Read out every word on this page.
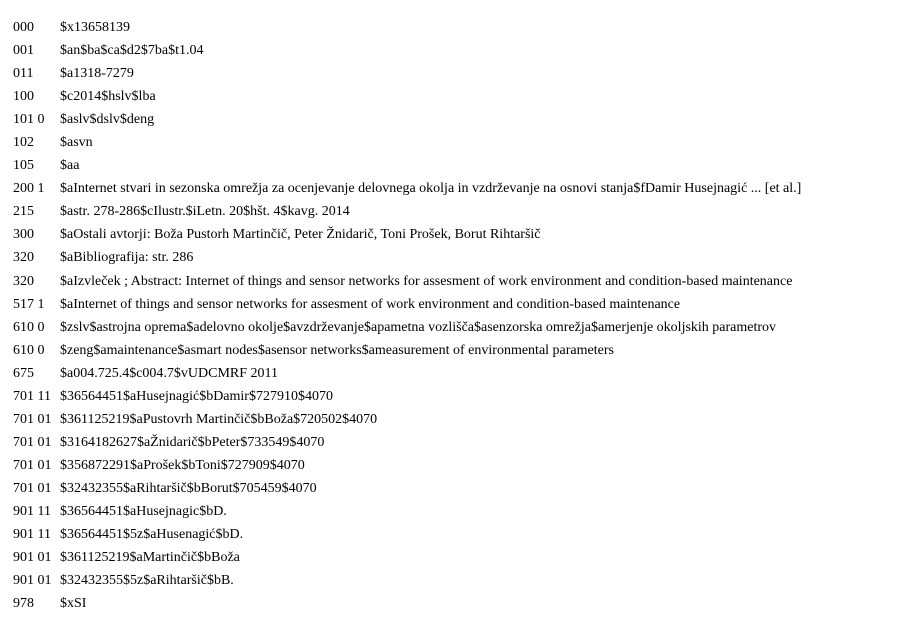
000	$x13658139
001	$an$ba$ca$d2$7ba$t1.04
011	$a1318-7279
100	$c2014$hslv$lba
101 0	$aslv$dslv$deng
102	$asvn
105	$aa
200 1	$aInternet stvari in sezonska omrežja za ocenjevanje delovnega okolja in vzdrževanje na osnovi stanja$fDamir Husejnagić ... [et al.]
215	$astr. 278-286$cIlustr.$iLetn. 20$hšt. 4$kavg. 2014
300	$aOstali avtorji: Boža Pustorh Martinčič, Peter Žnidarič, Toni Prošek, Borut Rihtaršič
320	$aBibliografija: str. 286
320	$aIzvleček ; Abstract: Internet of things and sensor networks for assesment of work environment and condition-based maintenance
517 1	$aInternet of things and sensor networks for assesment of work environment and condition-based maintenance
610 0	$zslv$astrojna oprema$adelovno okolje$avzdrževanje$apametna vozlišča$asenzorska omrežja$amerjenje okoljskih parametrov
610 0	$zeng$amaintenance$asmart nodes$asensor networks$ameasurement of environmental parameters
675	$a004.725.4$c004.7$vUDCMRF 2011
701 11 $36564451$aHusejnagić$bDamir$727910$4070
701 01 $361125219$aPustovrh Martinčič$bBoža$720502$4070
701 01 $3164182627$aŽnidarič$bPeter$733549$4070
701 01 $356872291$aProšek$bToni$727909$4070
701 01 $32432355$aRihtaršič$bBorut$705459$4070
901 11 $36564451$aHusejnagic$bD.
901 11 $36564451$5z$aHusenagić$bD.
901 01 $361125219$aMartinčič$bBoža
901 01 $32432355$5z$aRihtaršič$bB.
978	$xSI
